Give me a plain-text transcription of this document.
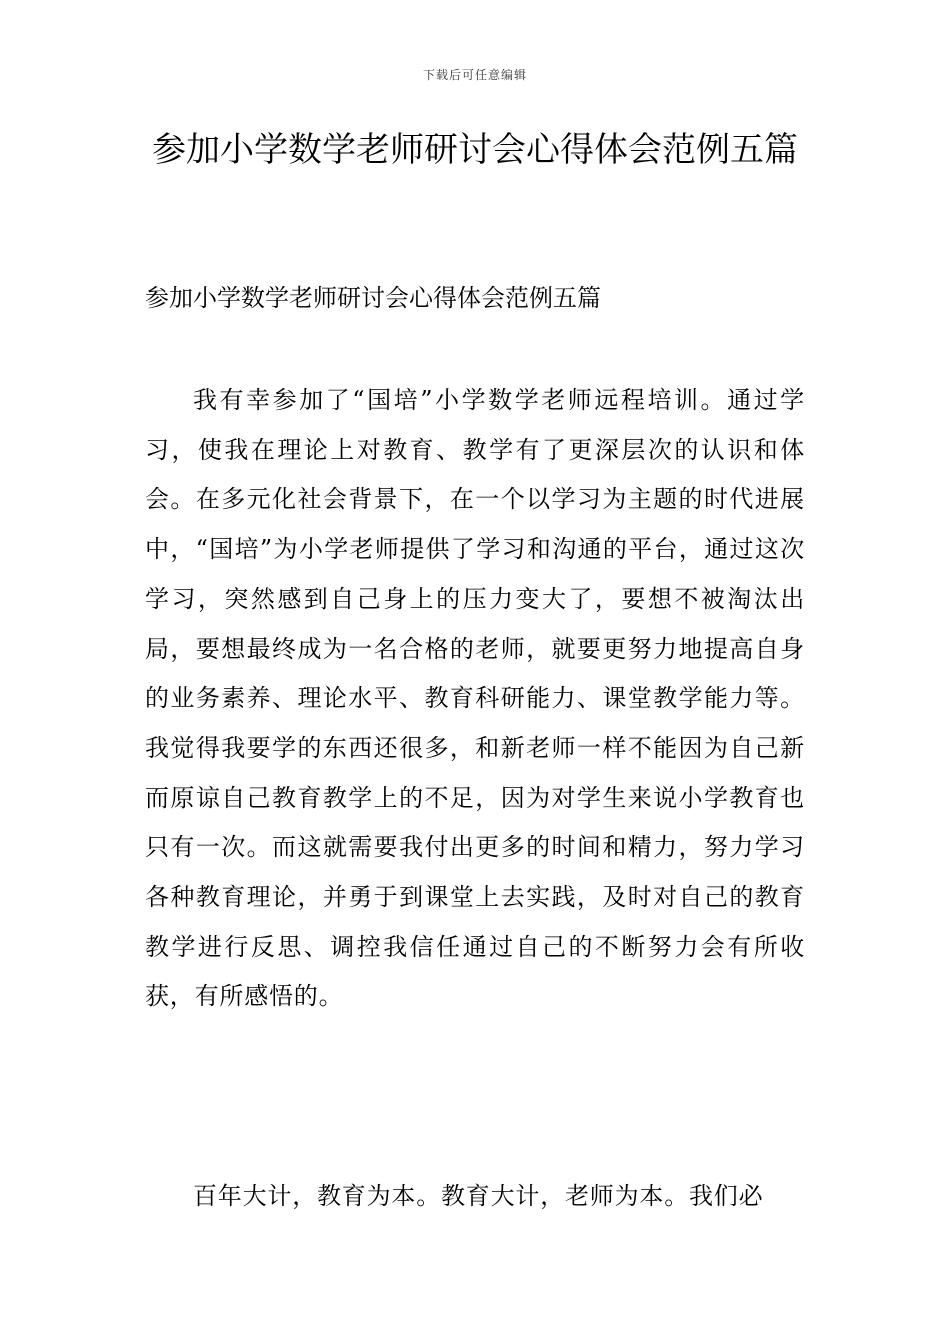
下载后可任意编辑
参加小学数学老师研讨会心得体会范例五篇

参加小学数学老师研讨会心得体会范例五篇

我有幸参加了“国培”小学数学老师远程培训。通过学习，使我在理论上对教育、教学有了更深层次的认识和体会。在多元化社会背景下，在一个以学习为主题的时代进展中，“国培”为小学老师提供了学习和沟通的平台，通过这次学习，突然感到自己身上的压力变大了，要想不被淘汰出局，要想最终成为一名合格的老师，就要更努力地提高自身的业务素养、理论水平、教育科研能力、课堂教学能力等。我觉得我要学的东西还很多，和新老师一样不能因为自己新而原谅自己教育教学上的不足，因为对学生来说小学教育也只有一次。而这就需要我付出更多的时间和精力，努力学习各种教育理论，并勇于到课堂上去实践，及时对自己的教育教学进行反思、调控我信任通过自己的不断努力会有所收获，有所感悟的。

百年大计，教育为本。教育大计，老师为本。我们必
